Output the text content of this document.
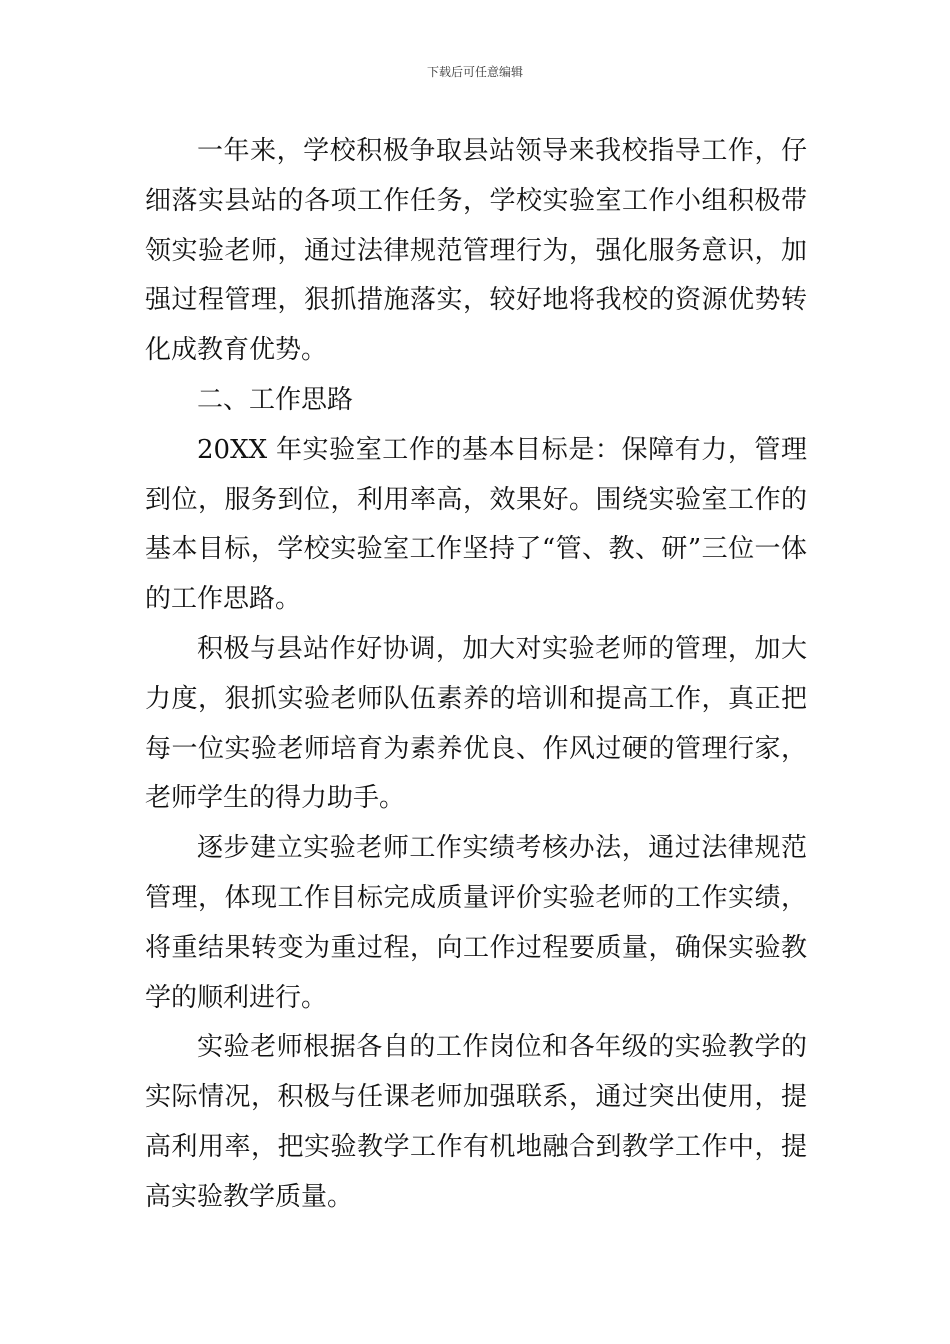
下载后可任意编辑

一年来，学校积极争取县站领导来我校指导工作，仔细落实县站的各项工作任务，学校实验室工作小组积极带领实验老师，通过法律规范管理行为，强化服务意识，加强过程管理，狠抓措施落实，较好地将我校的资源优势转化成教育优势。

二、工作思路

20XX 年实验室工作的基本目标是：保障有力，管理到位，服务到位，利用率高，效果好。围绕实验室工作的基本目标，学校实验室工作坚持了“管、教、研”三位一体的工作思路。

积极与县站作好协调，加大对实验老师的管理，加大力度，狠抓实验老师队伍素养的培训和提高工作，真正把每一位实验老师培育为素养优良、作风过硬的管理行家，老师学生的得力助手。

逐步建立实验老师工作实绩考核办法，通过法律规范管理，体现工作目标完成质量评价实验老师的工作实绩，将重结果转变为重过程，向工作过程要质量，确保实验教学的顺利进行。

实验老师根据各自的工作岗位和各年级的实验教学的实际情况，积极与任课老师加强联系，通过突出使用，提高利用率，把实验教学工作有机地融合到教学工作中，提高实验教学质量。
